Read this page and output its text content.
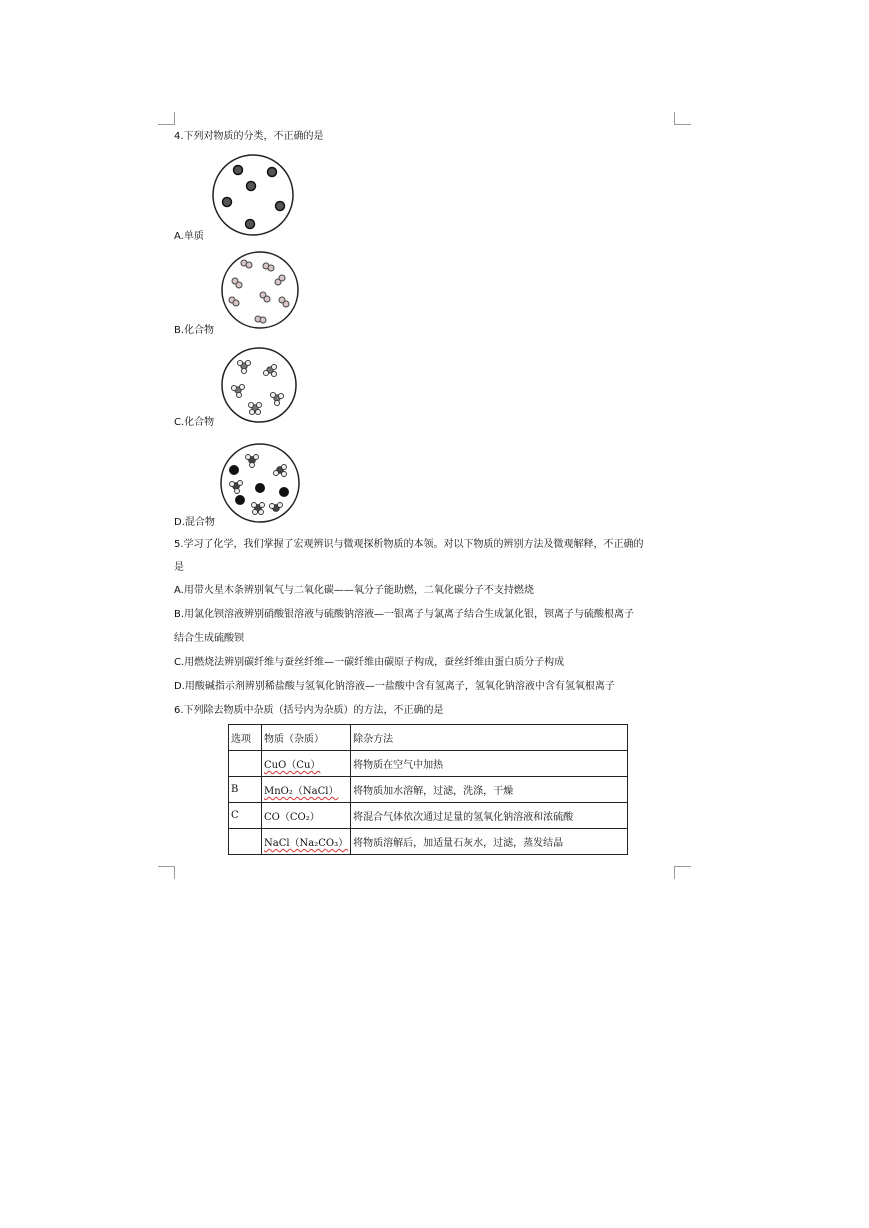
4.下列对物质的分类，不正确的是
A.单质
B.化合物
C.化合物
D.混合物
5.学习了化学，我们掌握了宏观辨识与微观探析物质的本领。对以下物质的辨别方法及微观解释，不正确的
是
A.用带火星木条辨别氧气与二氧化碳——氧分子能助燃，二氧化碳分子不支持燃烧
B.用氯化钡溶液辨别硝酸银溶液与硫酸钠溶液—一银离子与氯离子结合生成氯化银，钡离子与硫酸根离子
结合生成硫酸钡
C.用燃烧法辨别碳纤维与蚕丝纤维—一碳纤维由碳原子构成，蚕丝纤维由蛋白质分子构成
D.用酸碱指示剂辨别稀盐酸与氢氧化钠溶液—一盐酸中含有氢离子，氢氧化钠溶液中含有氢氧根离子
6.下列除去物质中杂质（括号内为杂质）的方法，不正确的是
选项	物质（杂质）	除杂方法
	CuO（Cu）	将物质在空气中加热
B	MnO₂（NaCl）	将物质加水溶解，过滤，洗涤，干燥
C	CO（CO₂）	将混合气体依次通过足量的氢氧化钠溶液和浓硫酸
	NaCl（Na₂CO₃）	将物质溶解后，加适量石灰水，过滤，蒸发结晶
